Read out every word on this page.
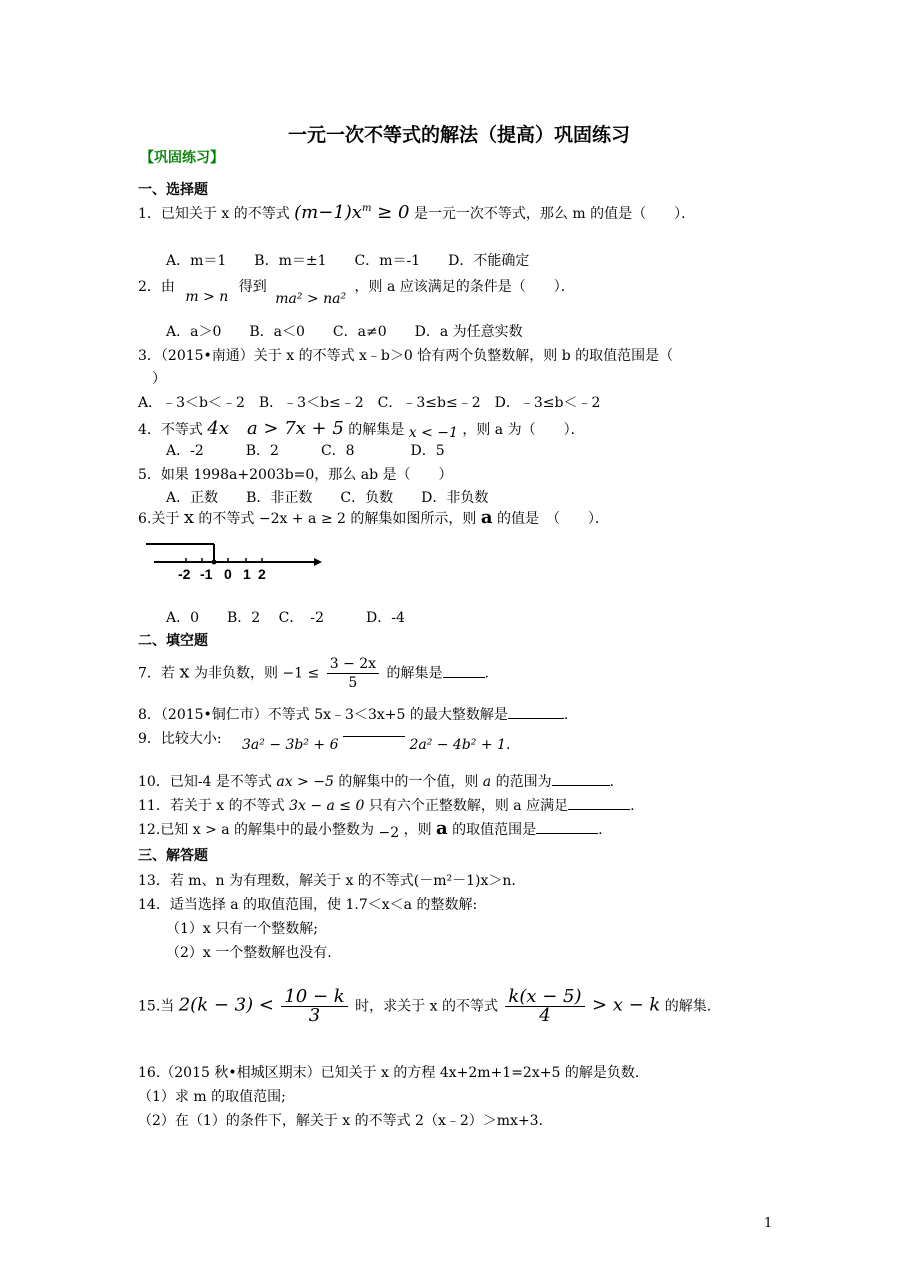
一元一次不等式的解法（提高）巩固练习
【巩固练习】
一、选择题
1．已知关于 x 的不等式 $(m-1)x^m \ge 0$ 是一元一次不等式，那么 m 的值是（　　）．
A．m＝1　　B．m＝±1　　C．m＝-1　　D．不能确定
2．由 m > n 得到 ma² > na² ，则 a 应该满足的条件是（　　）．
A．a＞0　　B．a＜0　　C．a≠0　　D．a 为任意实数
3．（2015•南通）关于 x 的不等式 x﹣b＞0 恰有两个负整数解，则 b 的取值范围是（
）
A．﹣3＜b＜﹣2　B．﹣3＜b≤﹣2　C．﹣3≤b≤﹣2　D．﹣3≤b＜﹣2
4．不等式 4x　a > 7x + 5 的解集是 x < −1 ，则 a 为（　　）．
A．-2　　　B．2　　　C．8　　　　D．5
5．如果 1998a+2003b=0，那么 ab 是（　　）
A．正数　　B．非正数　　C．负数　　D．非负数
6.关于 x 的不等式 −2x + a ≥ 2 的解集如图所示，则 a 的值是　（　　）．
-2 -1 0 1 2
A．0　　B．2　 C．　-2　　　D．-4
二、填空题
7．若 x 为非负数，则 $-1 \le \frac{3 - 2x}{5}$ 的解集是	.
8．（2015•铜仁市）不等式 5x﹣3＜3x+5 的最大整数解是	.
9．比较大小: 3a² − 3b² + 6	2a² − 4b² + 1.
10．已知-4 是不等式 ax > −5 的解集中的一个值，则 a 的范围为	.
11．若关于 x 的不等式 3x − a ≤ 0 只有六个正整数解，则 a 应满足	.
12.已知 x > a 的解集中的最小整数为 −2 ，则 a 的取值范围是	.
三、解答题
13．若 m、n 为有理数，解关于 x 的不等式(－m²－1)x＞n.
14．适当选择 a 的取值范围，使 1.7＜x＜a 的整数解:
（1）x 只有一个整数解;
（2）x 一个整数解也没有.
15.当 $2(k - 3) < \frac{10 - k}{3}$ 时，求关于 x 的不等式 $\frac{k(x - 5)}{4} > x - k$ 的解集.
16.（2015 秋•相城区期末）已知关于 x 的方程 4x+2m+1=2x+5 的解是负数.
（1）求 m 的取值范围;
（2）在（1）的条件下，解关于 x 的不等式 2（x﹣2）＞mx+3.
1
